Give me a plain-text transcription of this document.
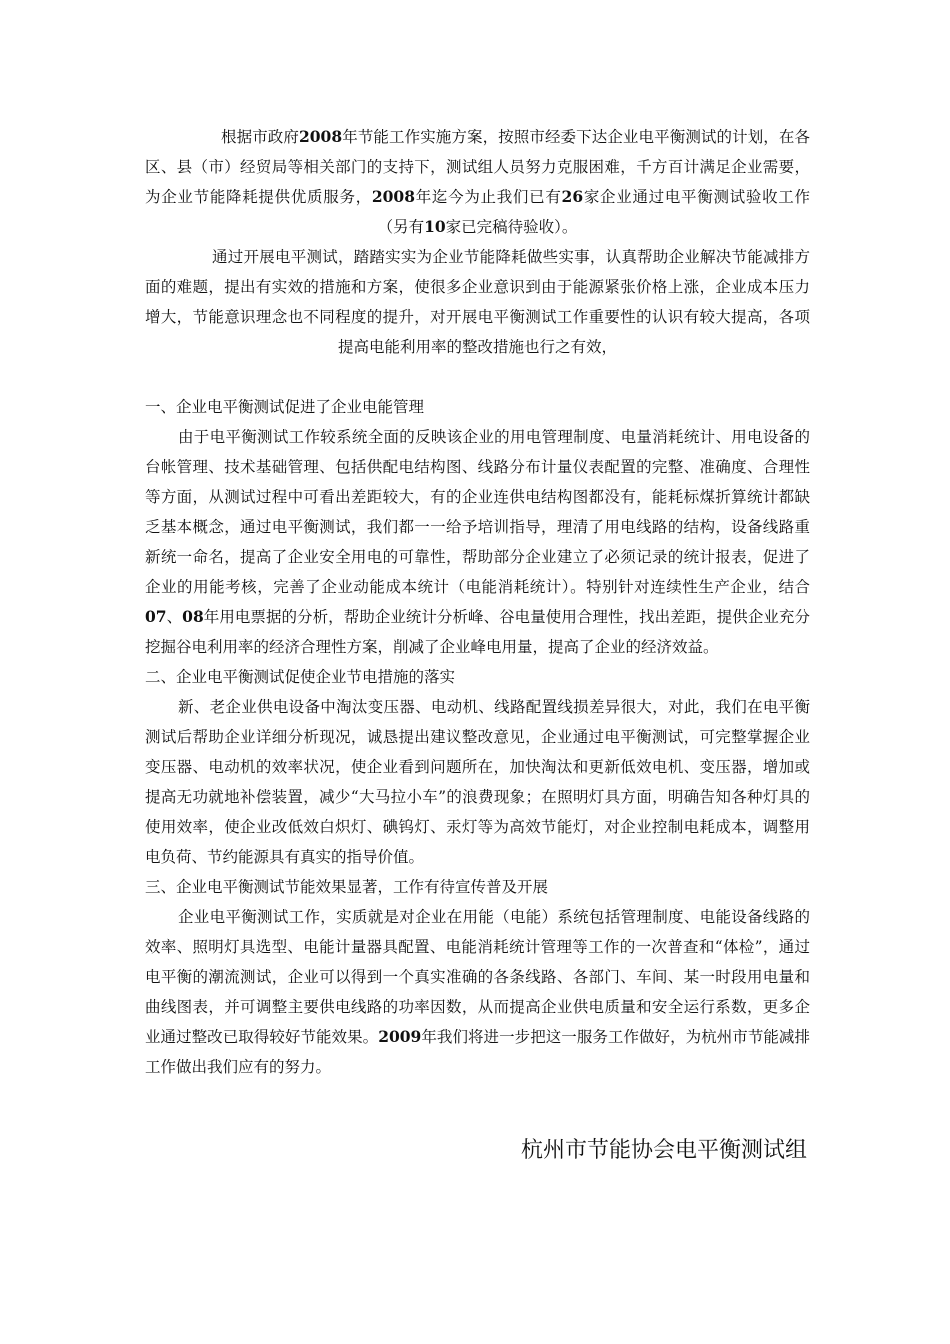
根据市政府2008年节能工作实施方案，按照市经委下达企业电平衡测试的计划，在各区、县（市）经贸局等相关部门的支持下，测试组人员努力克服困难，千方百计满足企业需要，为企业节能降耗提供优质服务，2008年迄今为止我们已有26家企业通过电平衡测试验收工作（另有10家已完稿待验收）。

通过开展电平测试，踏踏实实为企业节能降耗做些实事，认真帮助企业解决节能减排方面的难题，提出有实效的措施和方案，使很多企业意识到由于能源紧张价格上涨，企业成本压力增大，节能意识理念也不同程度的提升，对开展电平衡测试工作重要性的认识有较大提高，各项提高电能利用率的整改措施也行之有效，

一、企业电平衡测试促进了企业电能管理

由于电平衡测试工作较系统全面的反映该企业的用电管理制度、电量消耗统计、用电设备的台帐管理、技术基础管理、包括供配电结构图、线路分布计量仪表配置的完整、准确度、合理性等方面，从测试过程中可看出差距较大，有的企业连供电结构图都没有，能耗标煤折算统计都缺乏基本概念，通过电平衡测试，我们都一一给予培训指导，理清了用电线路的结构，设备线路重新统一命名，提高了企业安全用电的可靠性，帮助部分企业建立了必须记录的统计报表，促进了企业的用能考核，完善了企业动能成本统计（电能消耗统计）。特别针对连续性生产企业，结合07、08年用电票据的分析，帮助企业统计分析峰、谷电量使用合理性，找出差距，提供企业充分挖掘谷电利用率的经济合理性方案，削减了企业峰电用量，提高了企业的经济效益。

二、企业电平衡测试促使企业节电措施的落实

新、老企业供电设备中淘汰变压器、电动机、线路配置线损差异很大，对此，我们在电平衡测试后帮助企业详细分析现况，诚恳提出建议整改意见，企业通过电平衡测试，可完整掌握企业变压器、电动机的效率状况，使企业看到问题所在，加快淘汰和更新低效电机、变压器，增加或提高无功就地补偿装置，减少“大马拉小车”的浪费现象；在照明灯具方面，明确告知各种灯具的使用效率，使企业改低效白炽灯、碘钨灯、汞灯等为高效节能灯，对企业控制电耗成本，调整用电负荷、节约能源具有真实的指导价值。

三、企业电平衡测试节能效果显著，工作有待宣传普及开展

企业电平衡测试工作，实质就是对企业在用能（电能）系统包括管理制度、电能设备线路的效率、照明灯具选型、电能计量器具配置、电能消耗统计管理等工作的一次普查和“体检”，通过电平衡的潮流测试，企业可以得到一个真实准确的各条线路、各部门、车间、某一时段用电量和曲线图表，并可调整主要供电线路的功率因数，从而提高企业供电质量和安全运行系数，更多企业通过整改已取得较好节能效果。2009年我们将进一步把这一服务工作做好，为杭州市节能减排工作做出我们应有的努力。

杭州市节能协会电平衡测试组
